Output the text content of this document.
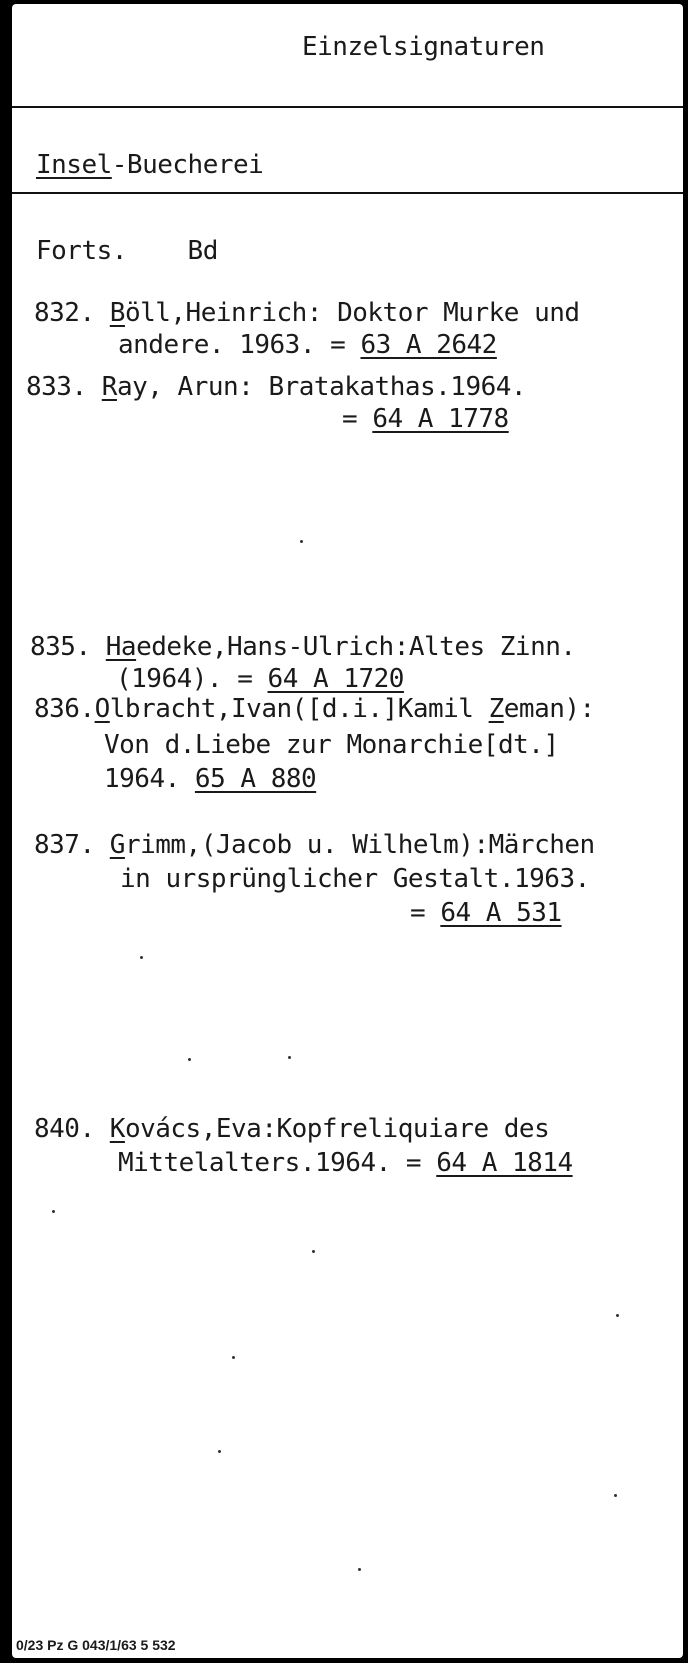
Einzelsignaturen
Insel-Buecherei
Forts. Bd
832. Böll,Heinrich: Doktor Murke und
andere. 1963. = 63 A 2642
833. Ray, Arun: Bratakathas.1964.
= 64 A 1778
835. Haedeke,Hans-Ulrich:Altes Zinn.
(1964). = 64 A 1720
836.Olbracht,Ivan([d.i.]Kamil Zeman):
Von d.Liebe zur Monarchie[dt.]
1964. 65 A 880
837. Grimm,(Jacob u. Wilhelm):Märchen
in ursprünglicher Gestalt.1963.
= 64 A 531
840. Kovács,Eva:Kopfreliquiare des
Mittelalters.1964. = 64 A 1814
0/23 Pz G 043/1/63 5 532
